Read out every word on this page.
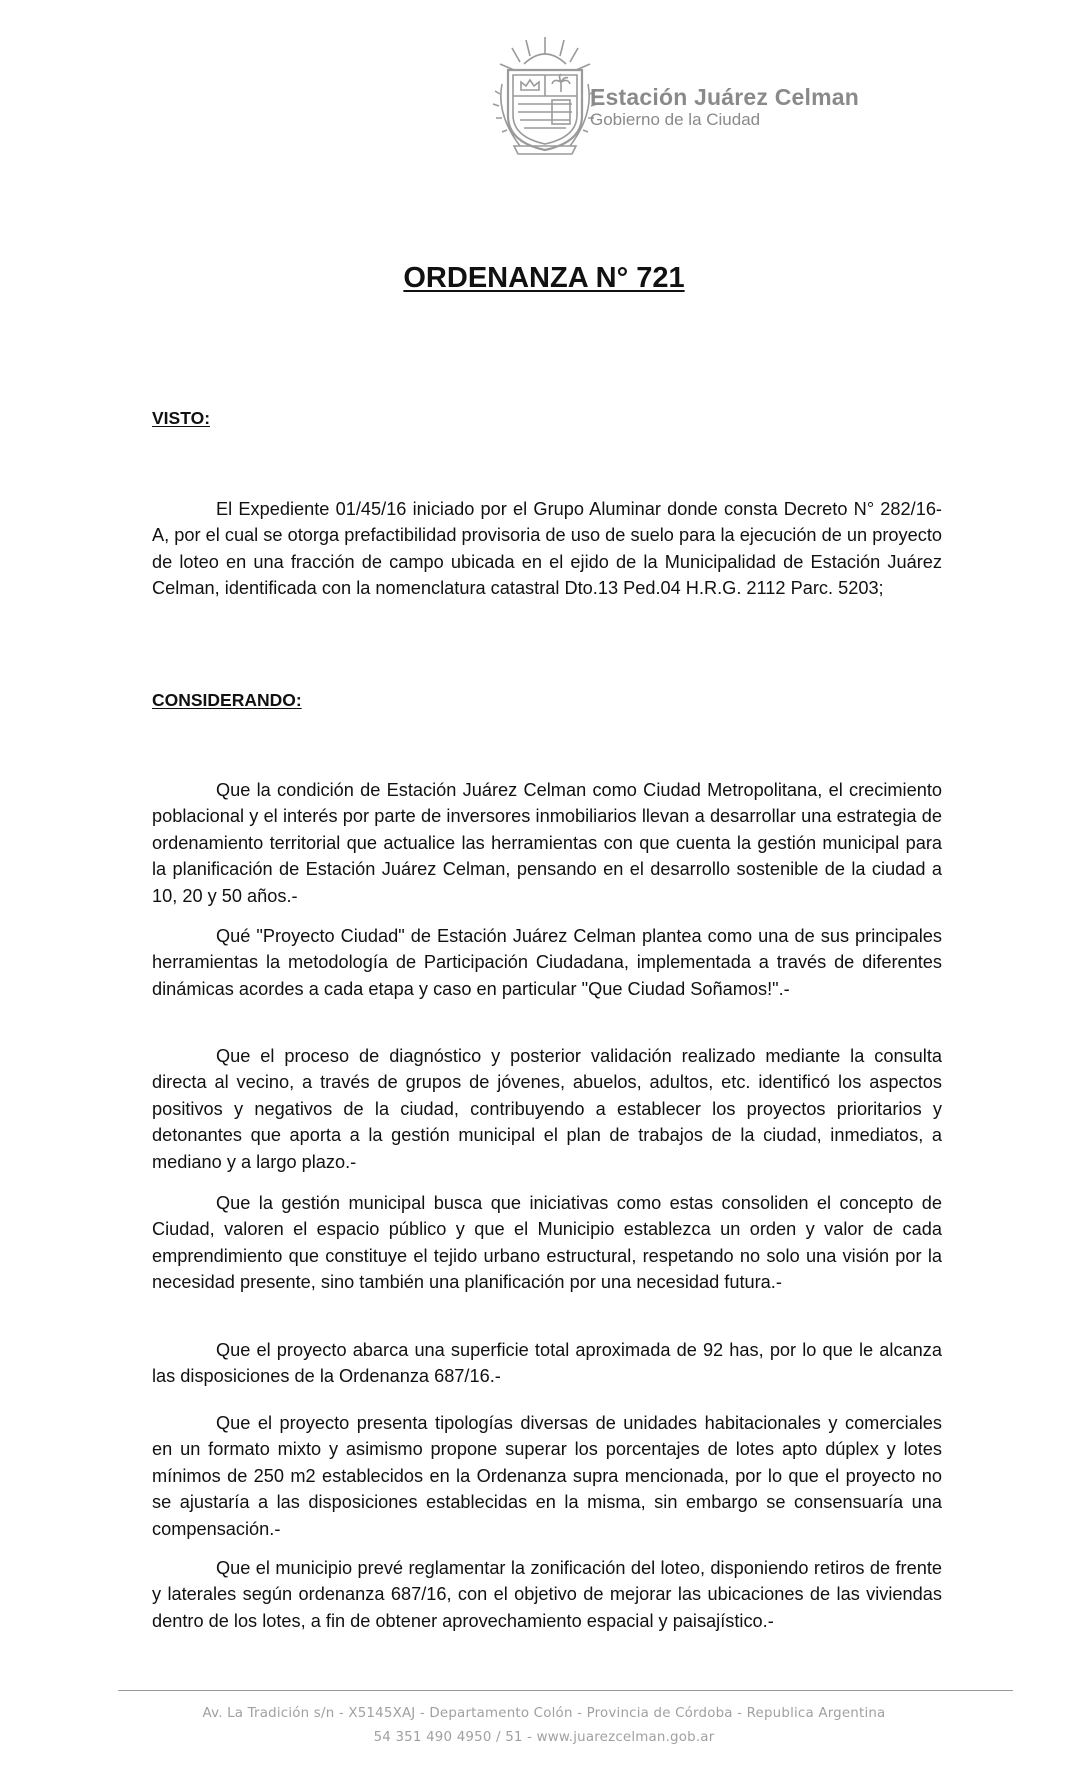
Estación Juárez Celman
Gobierno de la Ciudad
ORDENANZA N° 721
VISTO:

El Expediente 01/45/16 iniciado por el Grupo Aluminar donde consta Decreto N° 282/16-A, por el cual se otorga prefactibilidad provisoria de uso de suelo para la ejecución de un proyecto de loteo en una fracción de campo ubicada en el ejido de la Municipalidad de Estación Juárez Celman, identificada con la nomenclatura catastral Dto.13 Ped.04 H.R.G. 2112 Parc. 5203;

CONSIDERANDO:

Que la condición de Estación Juárez Celman como Ciudad Metropolitana, el crecimiento poblacional y el interés por parte de inversores inmobiliarios llevan a desarrollar una estrategia de ordenamiento territorial que actualice las herramientas con que cuenta la gestión municipal para la planificación de Estación Juárez Celman, pensando en el desarrollo sostenible de la ciudad a 10, 20 y 50 años.-

Qué "Proyecto Ciudad" de Estación Juárez Celman plantea como una de sus principales herramientas la metodología de Participación Ciudadana, implementada a través de diferentes dinámicas acordes a cada etapa y caso en particular "Que Ciudad Soñamos!".-

Que el proceso de diagnóstico y posterior validación realizado mediante la consulta directa al vecino, a través de grupos de jóvenes, abuelos, adultos, etc. identificó los aspectos positivos y negativos de la ciudad, contribuyendo a establecer los proyectos prioritarios y detonantes que aporta a la gestión municipal el plan de trabajos de la ciudad, inmediatos, a mediano y a largo plazo.-

Que la gestión municipal busca que iniciativas como estas consoliden el concepto de Ciudad, valoren el espacio público y que el Municipio establezca un orden y valor de cada emprendimiento que constituye el tejido urbano estructural, respetando no solo una visión por la necesidad presente, sino también una planificación por una necesidad futura.-

Que el proyecto abarca una superficie total aproximada de 92 has, por lo que le alcanza las disposiciones de la Ordenanza 687/16.-

Que el proyecto presenta tipologías diversas de unidades habitacionales y comerciales en un formato mixto y asimismo propone superar los porcentajes de lotes apto dúplex y lotes mínimos de 250 m2 establecidos en la Ordenanza supra mencionada, por lo que el proyecto no se ajustaría a las disposiciones establecidas en la misma, sin embargo se consensuaría una compensación.-

Que el municipio prevé reglamentar la zonificación del loteo, disponiendo retiros de frente y laterales según ordenanza 687/16, con el objetivo de mejorar las ubicaciones de las viviendas dentro de los lotes, a fin de obtener aprovechamiento espacial y paisajístico.-

Av. La Tradición s/n - X5145XAJ - Departamento Colón - Provincia de Córdoba - Republica Argentina
54 351 490 4950 / 51 - www.juarezcelman.gob.ar
